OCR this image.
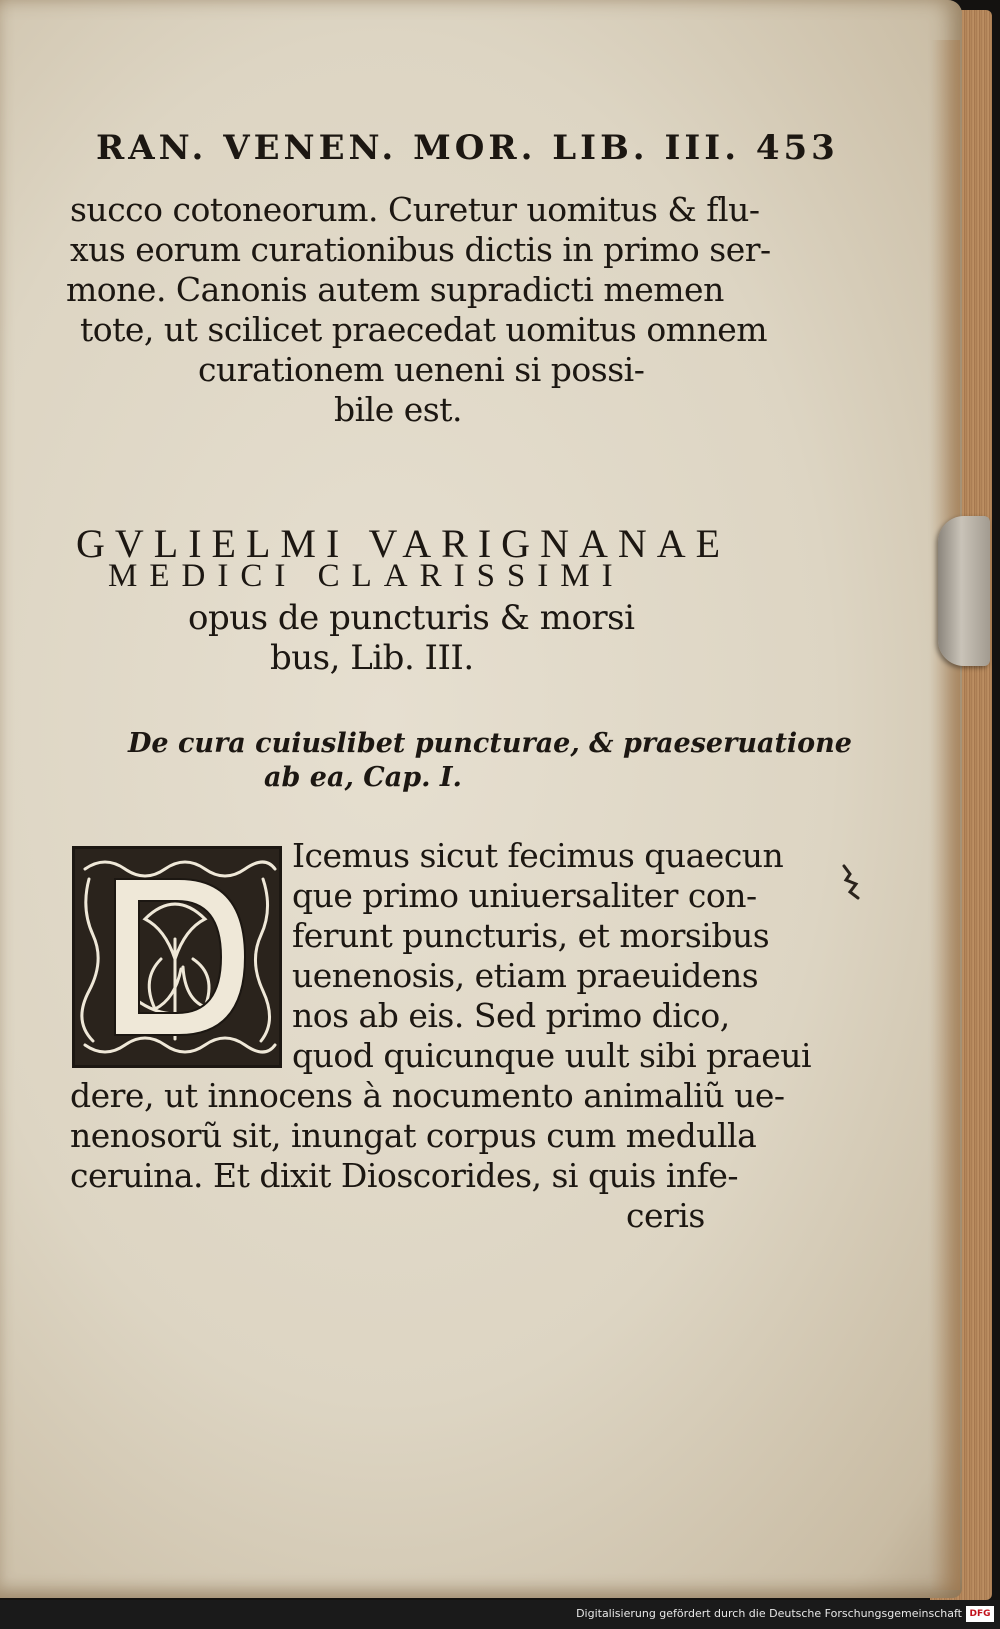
RAN. VENEN. MOR. LIB. III. 453
succo cotoneorum. Curetur uomitus & flu-
xus eorum curationibus dictis in primo ser-
mone. Canonis autem supradicti memen
tote, ut scilicet praecedat uomitus omnem
curationem ueneni si possi-
bile est.
GVLIELMI VARIGNANAE
MEDICI CLARISSIMI
opus de puncturis & morsi
bus, Lib. III.
De cura cuiuslibet puncturae, & praeseruatione
ab ea, Cap. I.
Icemus sicut fecimus quaecun
que primo uniuersaliter con-
ferunt puncturis, et morsibus
uenenosis, etiam praeuidens
nos ab eis. Sed primo dico,
quod quicunque uult sibi praeui
dere, ut innocens à nocumento animaliũ ue-
nenosorũ sit, inungat corpus cum medulla
ceruina. Et dixit Dioscorides, si quis infe-
ceris
Digitalisierung gefördert durch die Deutsche Forschungsgemeinschaft DFG
